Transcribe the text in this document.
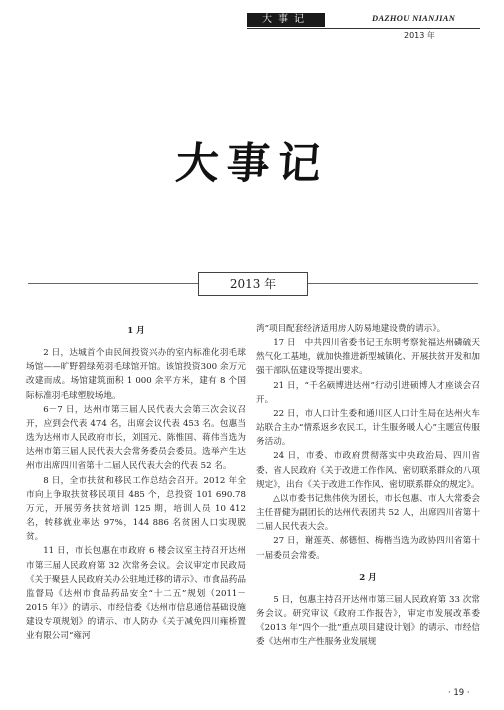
大事记	DAZHOU NIANJIAN
2013 年
大事记
2013 年

1 月

2 日，达城首个由民间投资兴办的室内标准化羽毛球场馆——旷野碧绿苑羽毛球馆开馆。该馆投资300 余万元改建而成。场馆建筑面积 1 000 余平方米，建有 8 个国际标准羽毛球塑胶场地。

6－7 日，达州市第三届人民代表大会第三次会议召开，应到会代表 474 名，出席会议代表 453 名。包惠当选为达州市人民政府市长，刘国元、陈惟国、蒋伟当选为达州市第三届人民代表大会常务委员会委员。选举产生达州市出席四川省第十二届人民代表大会的代表 52 名。

8 日，全市扶贫和移民工作总结会召开。2012 年全市向上争取扶贫移民项目 485 个，总投资 101 690.78 万元，开展劳务扶贫培训 125 期，培训人员 10 412 名，转移就业率达 97%，144 886 名贫困人口实现脱贫。

11 日，市长包惠在市政府 6 楼会议室主持召开达州市第三届人民政府第 32 次常务会议。会议审定市民政局《关于聚县人民政府关办公驻地迁移的请示》、市食品药品监督局《达州市食品药品安全“十二五”规划（2011－2015 年）》的请示、市经信委《达州市信息通信基础设施建设专项规划》的请示、市人防办《关于减免四川雍桥置业有限公司“雍河

湾”项目配套经济适用房人防易地建设费的请示》。

17 日　中共四川省委书记王东明考察瓮福达州磷硫天然气化工基地，就加快推进新型城镇化、开展扶贫开发和加强干部队伍建设等提出要求。

21 日，“千名硕博进达州”行动引进硕博人才座谈会召开。

22 日，市人口计生委和通川区人口计生局在达州火车站联合主办“情系返乡农民工，计生服务暖人心”主题宣传服务活动。

24 日，市委、市政府贯彻落实中央政治局、四川省委、省人民政府《关于改进工作作风、密切联系群众的八项规定》，出台《关于改进工作作风、密切联系群众的规定》。

△以市委书记焦伟侠为团长，市长包惠、市人大常委会主任晋健为副团长的达州代表团共 52 人，出席四川省第十二届人民代表大会。

27 日，谢莲英、郝德恒、梅楷当选为政协四川省第十一届委员会常委。

2 月

5 日，包惠主持召开达州市第三届人民政府第 33 次常务会议。研究审议《政府工作报告》，审定市发展改革委《2013 年“四个一批”重点项目建设计划》的请示、市经信委《达州市生产性服务业发展规

· 19 ·
